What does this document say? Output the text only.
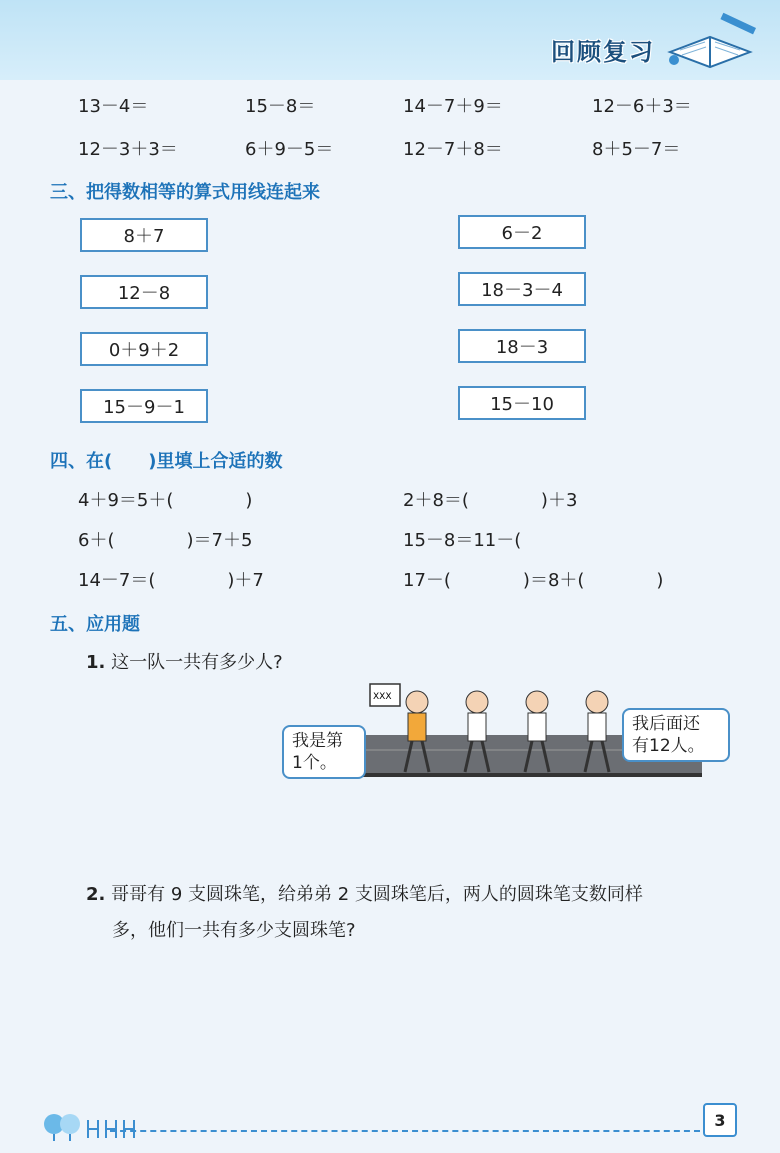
回顾复习
13－4＝	15－8＝	14－7＋9＝	12－6＋3＝
12－3＋3＝	6＋9－5＝	12－7＋8＝	8＋5－7＝
三、把得数相等的算式用线连起来
8＋7
12－8
0＋9＋2
15－9－1
6－2
18－3－4
18－3
15－10
四、在(　　)里填上合适的数
4＋9＝5＋(　　　　)	2＋8＝(　　　　)＋3
6＋(　　　　)＝7＋5	15－8＝11－(　　　　
14－7＝(　　　　)＋7	17－(　　　　)＝8＋(　　　　)
五、应用题
1. 这一队一共有多少人?
XXX
我是第
1个。
我后面还
有12人。
2. 哥哥有 9 支圆珠笔，给弟弟 2 支圆珠笔后，两人的圆珠笔支数同样
多，他们一共有多少支圆珠笔?
3
